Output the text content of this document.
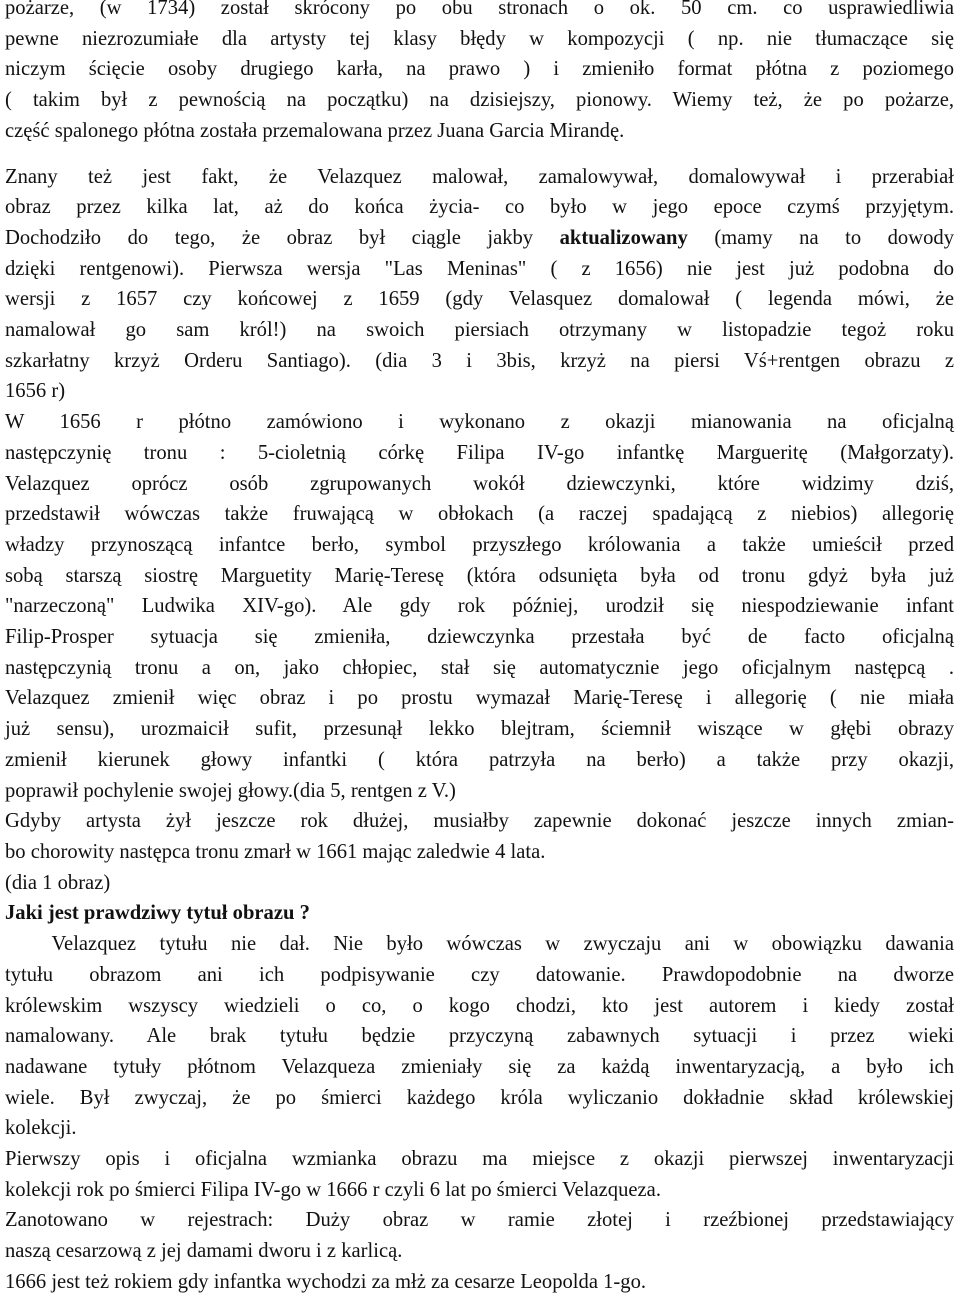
pożarze, (w 1734) został skrócony po obu stronach o ok. 50 cm. co usprawiedliwia
pewne niezrozumiałe dla artysty tej klasy błędy w kompozycji ( np. nie tłumaczące się
niczym ścięcie osoby drugiego karła, na prawo ) i zmieniło format płótna z poziomego
( takim był z pewnością na początku) na dzisiejszy, pionowy. Wiemy też, że po pożarze,
część spalonego płótna została przemalowana przez Juana Garcia Mirandę.
Znany też jest fakt, że Velazquez malował, zamalowywał, domalowywał i przerabiał
obraz przez kilka lat, aż do końca życia- co było w jego epoce czymś przyjętym.
Dochodziło do tego, że obraz był ciągle jakby aktualizowany (mamy na to dowody
dzięki rentgenowi). Pierwsza wersja "Las Meninas" ( z 1656) nie jest już podobna do
wersji z 1657 czy końcowej z 1659 (gdy Velasquez domalował ( legenda mówi, że
namalował go sam król!) na swoich piersiach otrzymany w listopadzie tegoż roku
szkarłatny krzyż Orderu Santiago). (dia 3 i 3bis, krzyż na piersi Vś+rentgen obrazu z
1656 r)
W 1656 r płótno zamówiono i wykonano z okazji mianowania na oficjalną
następczynię tronu : 5-cioletnią córkę Filipa IV-go infantkę Margueritę (Małgorzaty).
Velazquez oprócz osób zgrupowanych wokół dziewczynki, które widzimy dziś,
przedstawił wówczas także fruwającą w obłokach (a raczej spadającą z niebios) allegorię
władzy przynoszącą infantce berło, symbol przyszłego królowania a także umieścił przed
sobą starszą siostrę Marguetity Marię-Teresę (która odsunięta była od tronu gdyż była już
"narzeczoną" Ludwika XIV-go). Ale gdy rok później, urodził się niespodziewanie infant
Filip-Prosper sytuacja się zmieniła, dziewczynka przestała być de facto oficjalną
następczynią tronu a on, jako chłopiec, stał się automatycznie jego oficjalnym następcą .
Velazquez zmienił więc obraz i po prostu wymazał Marię-Teresę i allegorię ( nie miała
już sensu), urozmaicił sufit, przesunął lekko blejtram, ściemnił wiszące w głębi obrazy
zmienił kierunek głowy infantki ( która patrzyła na berło) a także przy okazji,
poprawił pochylenie swojej głowy.(dia 5, rentgen z V.)
Gdyby artysta żył jeszcze rok dłużej, musiałby zapewnie dokonać jeszcze innych zmian-
bo chorowity następca tronu zmarł w 1661 mając zaledwie 4 lata.
(dia 1 obraz)
Jaki jest prawdziwy tytuł obrazu ?
Velazquez tytułu nie dał. Nie było wówczas w zwyczaju ani w obowiązku dawania
tytułu obrazom ani ich podpisywanie czy datowanie. Prawdopodobnie na dworze
królewskim wszyscy wiedzieli o co, o kogo chodzi, kto jest autorem i kiedy został
namalowany. Ale brak tytułu będzie przyczyną zabawnych sytuacji i przez wieki
nadawane tytuły płótnom Velazqueza zmieniały się za każdą inwentaryzacją, a było ich
wiele. Był zwyczaj, że po śmierci każdego króla wyliczanio dokładnie skład królewskiej
kolekcji.
Pierwszy opis i oficjalna wzmianka obrazu ma miejsce z okazji pierwszej inwentaryzacji
kolekcji rok po śmierci Filipa IV-go w 1666 r czyli 6 lat po śmierci Velazqueza.
Zanotowano w rejestrach: Duży obraz w ramie złotej i rzeźbionej przedstawiający
naszą cesarzową z jej damami dworu i z karlicą.
1666 jest też rokiem gdy infantka wychodzi za młż za cesarze Leopolda 1-go.
